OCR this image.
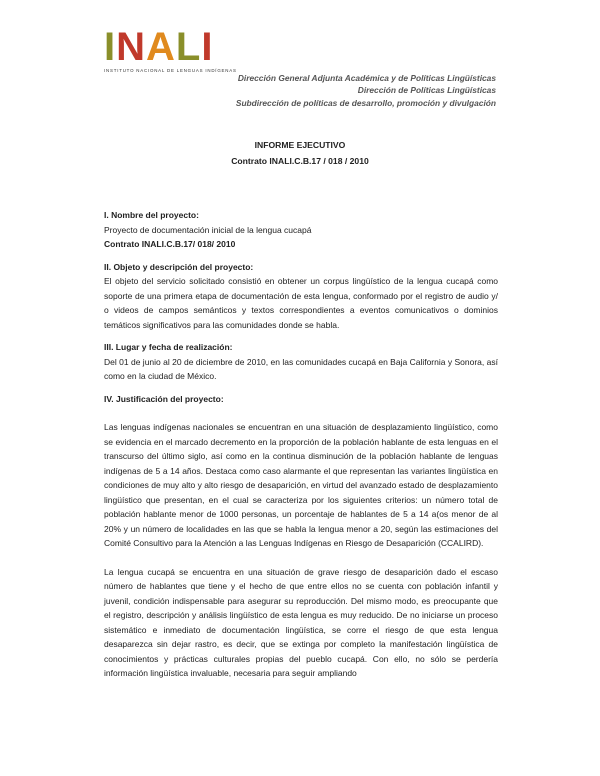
I N A L I
INSTITUTO NACIONAL DE LENGUAS INDÍGENAS
Dirección General Adjunta Académica y de Políticas Lingüísticas
Dirección de Políticas Lingüísticas
Subdirección de políticas de desarrollo, promoción y divulgación
INFORME EJECUTIVO
Contrato INALI.C.B.17 / 018 / 2010

I. Nombre del proyecto:

Proyecto de documentación inicial de la lengua cucapá

Contrato INALI.C.B.17/ 018/ 2010

II. Objeto y descripción del proyecto:

El objeto del servicio solicitado consistió en obtener un corpus lingüístico de la lengua cucapá como soporte de una primera etapa de documentación de esta lengua, conformado por el registro de audio y/ o videos de campos semánticos y textos correspondientes a eventos comunicativos o dominios temáticos significativos para las comunidades donde se habla.

III. Lugar y fecha de realización:

Del 01 de junio al 20 de diciembre de 2010, en las comunidades cucapá en Baja California y Sonora, así como en la ciudad de México.

IV. Justificación del proyecto:

Las lenguas indígenas nacionales se encuentran en una situación de desplazamiento lingüístico, como se evidencia en el marcado decremento en la proporción de la población hablante de esta lenguas en el transcurso del último siglo, así como en la continua disminución de la población hablante de lenguas indígenas de 5 a 14 años. Destaca como caso alarmante el que representan las variantes lingüística en condiciones de muy alto y alto riesgo de desaparición, en virtud del avanzado estado de desplazamiento lingüístico que presentan, en el cual se caracteriza por los siguientes criterios: un número total de población hablante menor de 1000 personas, un porcentaje de hablantes de 5 a 14 a(os menor de al 20% y un número de localidades en las que se habla la lengua menor a 20, según las estimaciones del Comité Consultivo para la Atención a las Lenguas Indígenas en Riesgo de Desaparición (CCALIRD).

La lengua cucapá se encuentra en una situación de grave riesgo de desaparición dado el escaso número de hablantes que tiene y el hecho de que entre ellos no se cuenta con población infantil y juvenil, condición indispensable para asegurar su reproducción. Del mismo modo, es preocupante que el registro, descripción y análisis lingüístico de esta lengua es muy reducido. De no iniciarse un proceso sistemático e inmediato de documentación lingüística, se corre el riesgo de que esta lengua desaparezca sin dejar rastro, es decir, que se extinga por completo la manifestación lingüística de conocimientos y prácticas culturales propias del pueblo cucapá. Con ello, no sólo se perdería información lingüística invaluable, necesaria para seguir ampliando
